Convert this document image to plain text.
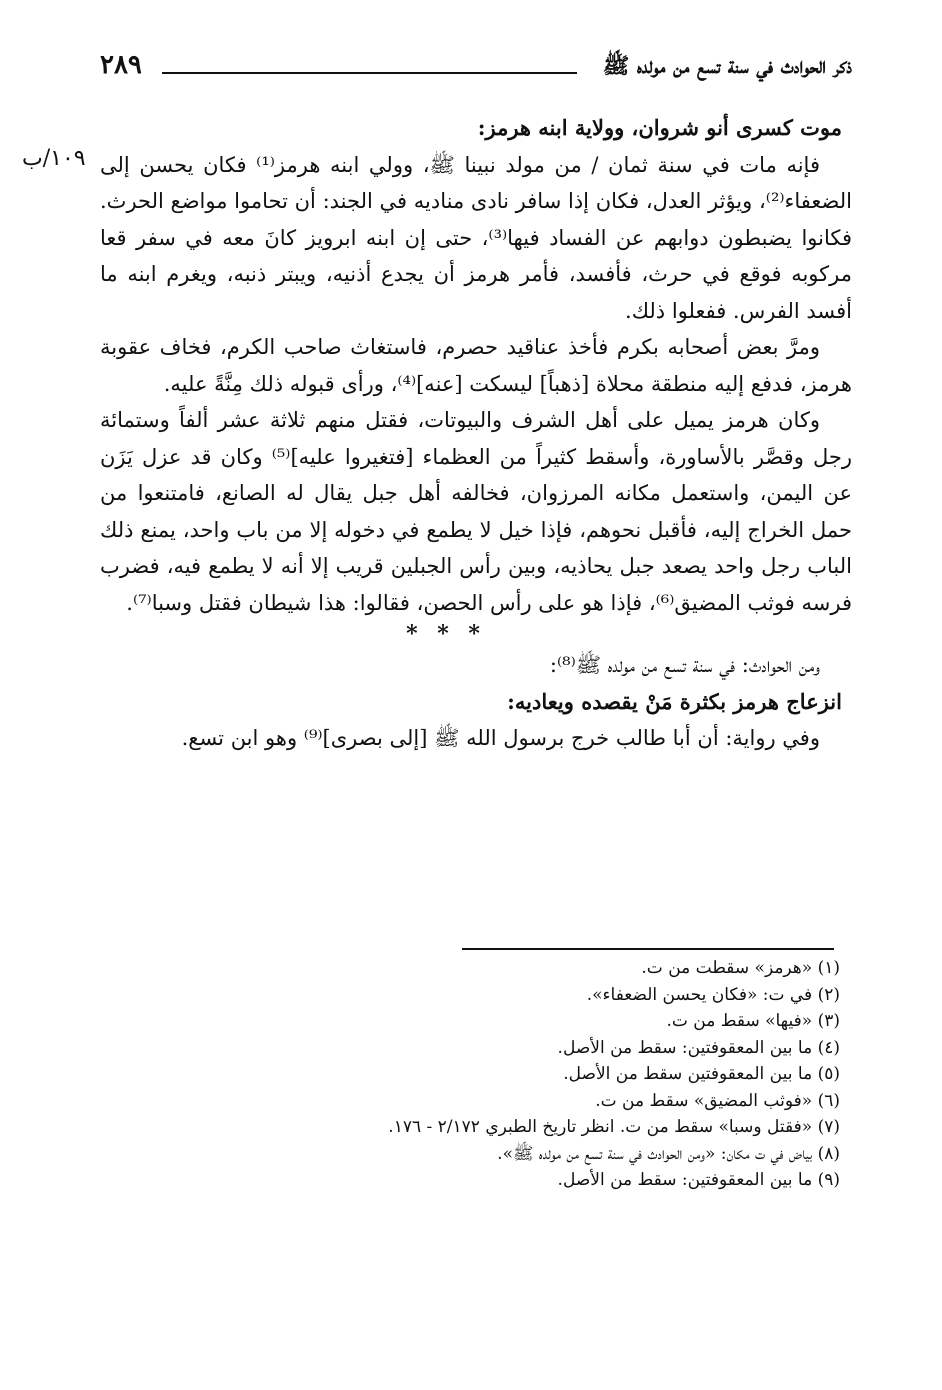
٢٨٩	ذكر الحوادث في سنة تسع من مولده ﷺ
١٠٩/ب

موت كسرى أنو شروان، وولاية ابنه هرمز:

فإنه مات في سنة ثمان / من مولد نبينا ﷺ، وولي ابنه هرمز⁽¹⁾ فكان يحسن إلى الضعفاء⁽²⁾، ويؤثر العدل، فكان إذا سافر نادى مناديه في الجند: أن تحاموا مواضع الحرث. فكانوا يضبطون دوابهم عن الفساد فيها⁽³⁾، حتى إن ابنه ابرويز كانَ معه في سفر قعا مركوبه فوقع في حرث، فأفسد، فأمر هرمز أن يجدع أذنيه، ويبتر ذنبه، ويغرم ابنه ما أفسد الفرس. ففعلوا ذلك.

ومرَّ بعض أصحابه بكرم فأخذ عناقيد حصرم، فاستغاث صاحب الكرم، فخاف عقوبة هرمز، فدفع إليه منطقة محلاة [ذهباً] ليسكت [عنه]⁽⁴⁾، ورأى قبوله ذلك مِنَّةً عليه.

وكان هرمز يميل على أهل الشرف والبيوتات، فقتل منهم ثلاثة عشر ألفاً وستمائة رجل وقصَّر بالأساورة، وأسقط كثيراً من العظماء [فتغيروا عليه]⁽⁵⁾ وكان قد عزل يَزَن عن اليمن، واستعمل مكانه المرزوان، فخالفه أهل جبل يقال له الصانع، فامتنعوا من حمل الخراج إليه، فأقبل نحوهم، فإذا خيل لا يطمع في دخوله إلا من باب واحد، يمنع ذلك الباب رجل واحد يصعد جبل يحاذيه، وبين رأس الجبلين قريب إلا أنه لا يطمع فيه، فضرب فرسه فوثب المضيق⁽⁶⁾، فإذا هو على رأس الحصن، فقالوا: هذا شيطان فقتل وسبا⁽⁷⁾.

* * *

ومن الحوادث: في سنة تسع من مولده ﷺ⁽⁸⁾:

انزعاج هرمز بكثرة مَنْ يقصده ويعاديه:

وفي رواية: أن أبا طالب خرج برسول الله ﷺ [إلى بصرى]⁽⁹⁾ وهو ابن تسع.

(١) «هرمز» سقطت من ت.
(٢) في ت: «فكان يحسن الضعفاء».
(٣) «فيها» سقط من ت.
(٤) ما بين المعقوفتين: سقط من الأصل.
(٥) ما بين المعقوفتين سقط من الأصل.
(٦) «فوثب المضيق» سقط من ت.
(٧) «فقتل وسبا» سقط من ت. انظر تاريخ الطبري ٢/١٧٢ - ١٧٦.
(٨) بياض في ت مكان: «ومن الحوادث في سنة تسع من مولده ﷺ».
(٩) ما بين المعقوفتين: سقط من الأصل.
